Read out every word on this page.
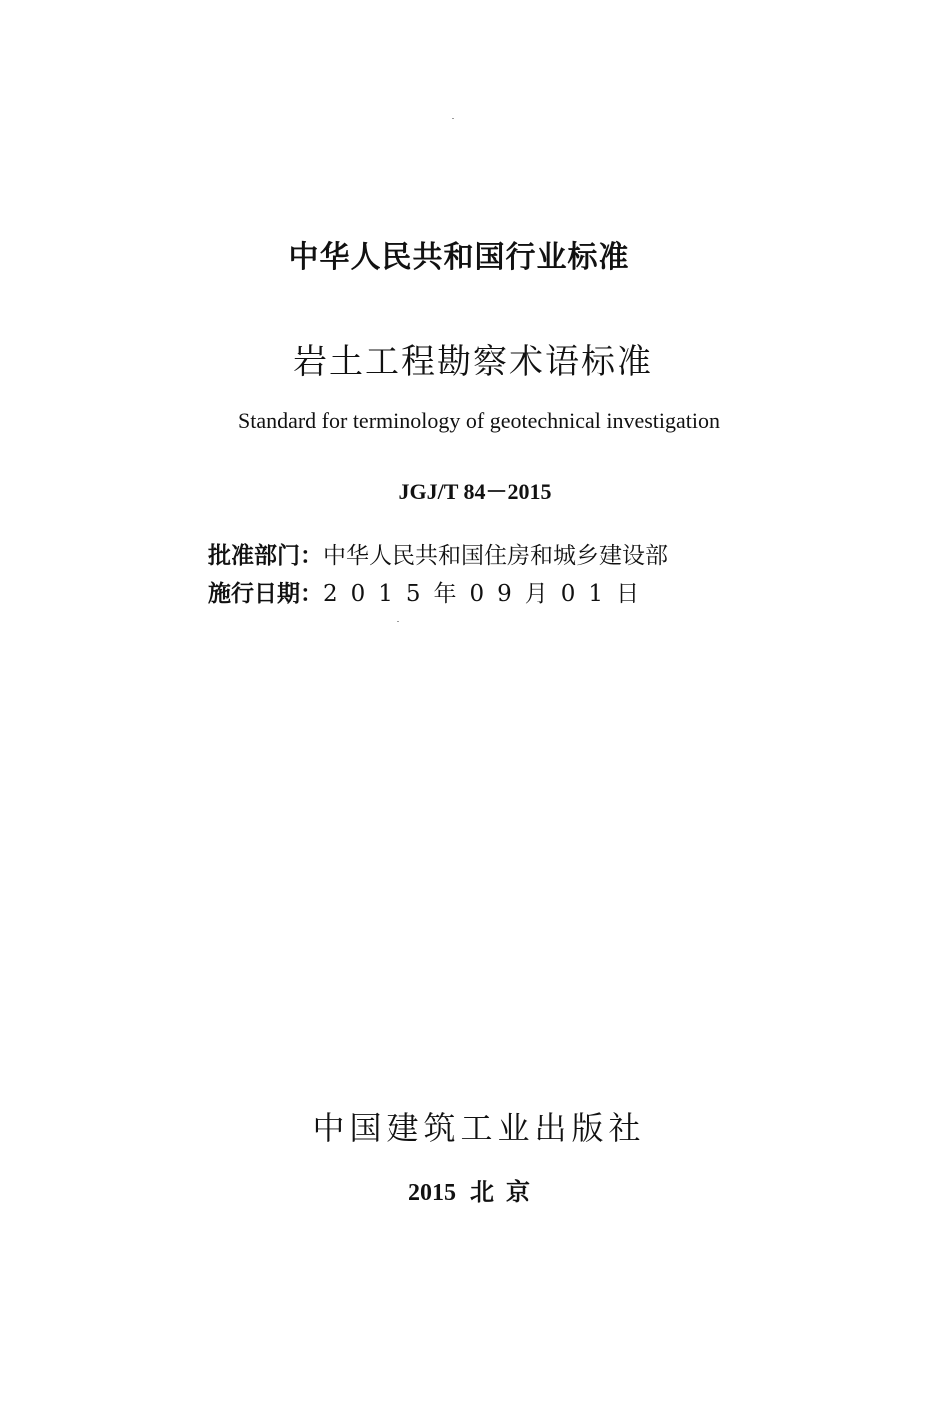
中华人民共和国行业标准
岩土工程勘察术语标准
Standard for terminology of geotechnical investigation
JGJ/T 84－2015
批准部门：中华人民共和国住房和城乡建设部
施行日期：2015年09月01日
中国建筑工业出版社
2015 北京
